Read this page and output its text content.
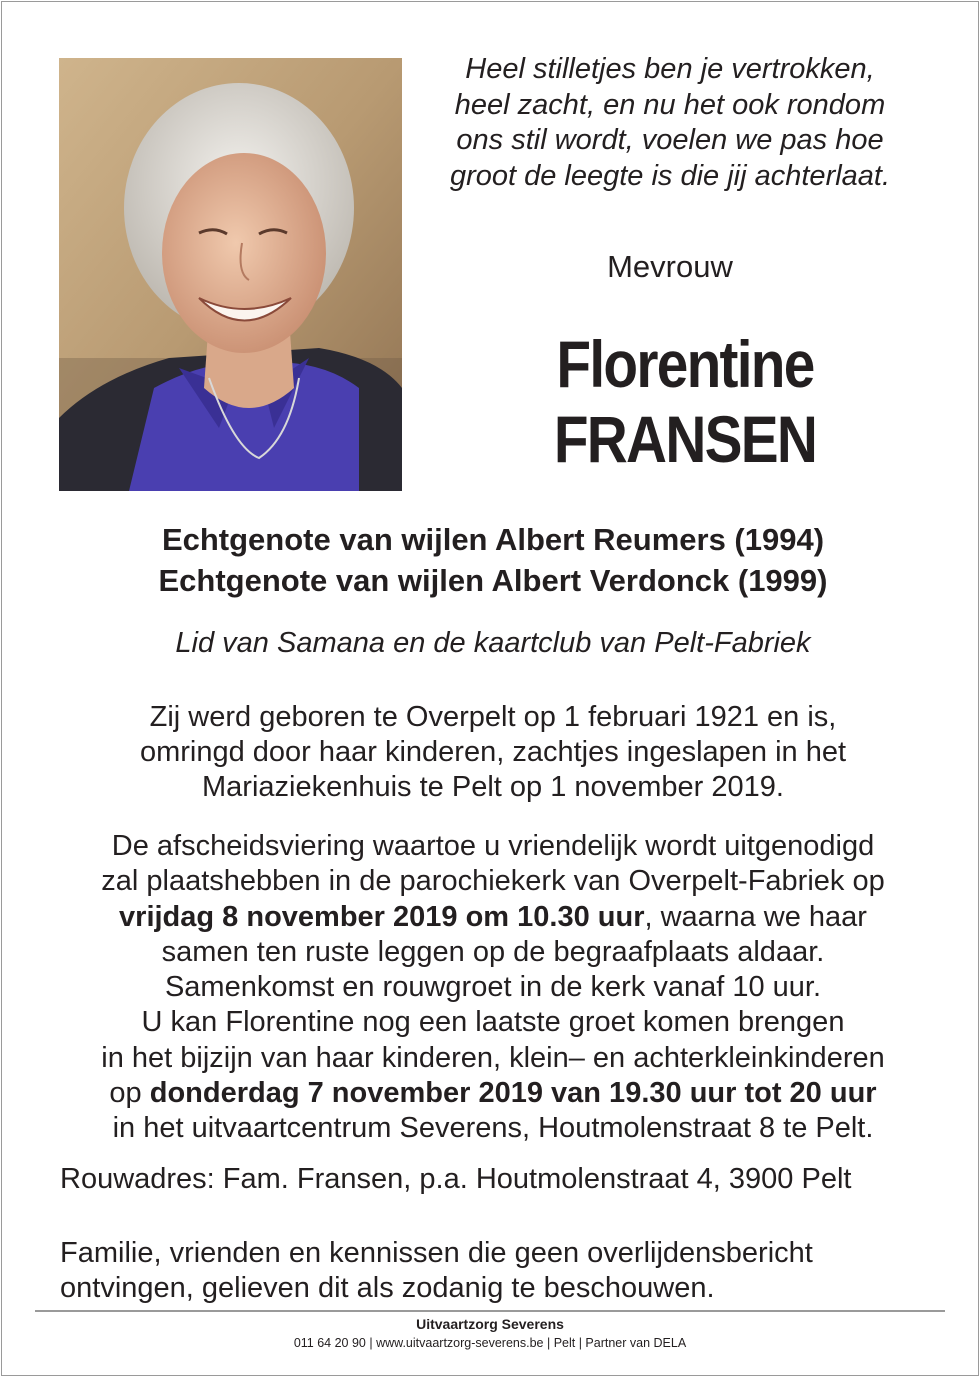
Heel stilletjes ben je vertrokken,
heel zacht, en nu het ook rondom
ons stil wordt, voelen we pas hoe
groot de leegte is die jij achterlaat.
Mevrouw
Florentine
FRANSEN
Echtgenote van wijlen Albert Reumers (1994)
Echtgenote van wijlen Albert Verdonck (1999)
Lid van Samana en de kaartclub van Pelt-Fabriek
Zij werd geboren te Overpelt op 1 februari 1921 en is,
omringd door haar kinderen, zachtjes ingeslapen in het
Mariaziekenhuis te Pelt op 1 november 2019.
De afscheidsviering waartoe u vriendelijk wordt uitgenodigd
zal plaatshebben in de parochiekerk van Overpelt-Fabriek op
vrijdag 8 november 2019 om 10.30 uur, waarna we haar
samen ten ruste leggen op de begraafplaats aldaar.
Samenkomst en rouwgroet in de kerk vanaf 10 uur.
U kan Florentine nog een laatste groet komen brengen
in het bijzijn van haar kinderen, klein– en achterkleinkinderen
op donderdag 7 november 2019 van 19.30 uur tot 20 uur
in het uitvaartcentrum Severens, Houtmolenstraat 8 te Pelt.
Rouwadres: Fam. Fransen, p.a. Houtmolenstraat 4, 3900 Pelt
Familie, vrienden en kennissen die geen overlijdensbericht
ontvingen, gelieven dit als zodanig te beschouwen.
Uitvaartzorg Severens
011 64 20 90 | www.uitvaartzorg-severens.be | Pelt | Partner van DELA
